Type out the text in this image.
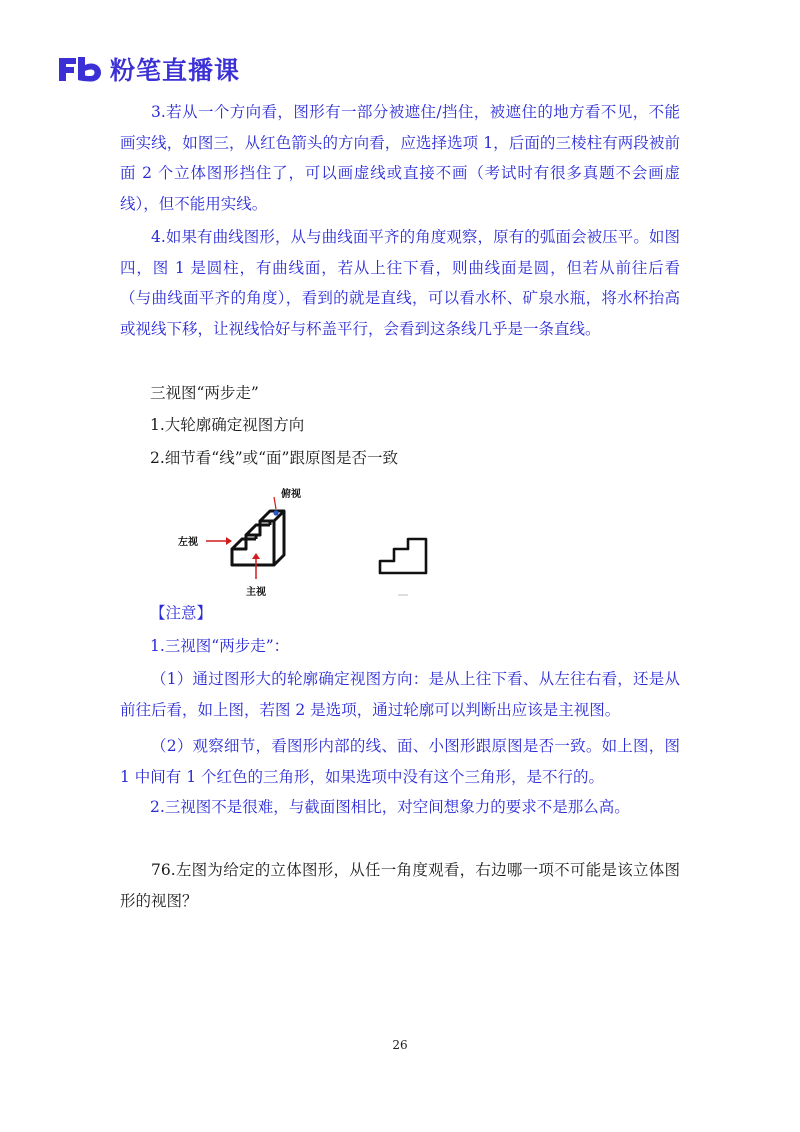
粉笔直播课

3.若从一个方向看，图形有一部分被遮住/挡住，被遮住的地方看不见，不能画实线，如图三，从红色箭头的方向看，应选择选项 1，后面的三棱柱有两段被前面 2 个立体图形挡住了，可以画虚线或直接不画（考试时有很多真题不会画虚线），但不能用实线。

4.如果有曲线图形，从与曲线面平齐的角度观察，原有的弧面会被压平。如图四，图 1 是圆柱，有曲线面，若从上往下看，则曲线面是圆，但若从前往后看（与曲线面平齐的角度），看到的就是直线，可以看水杯、矿泉水瓶，将水杯抬高或视线下移，让视线恰好与杯盖平行，会看到这条线几乎是一条直线。

三视图“两步走”

1.大轮廓确定视图方向

2.细节看“线”或“面”跟原图是否一致

左视
俯视
主视

【注意】

1.三视图“两步走”：

（1）通过图形大的轮廓确定视图方向：是从上往下看、从左往右看，还是从前往后看，如上图，若图 2 是选项，通过轮廓可以判断出应该是主视图。

（2）观察细节，看图形内部的线、面、小图形跟原图是否一致。如上图，图 1 中间有 1 个红色的三角形，如果选项中没有这个三角形，是不行的。

2.三视图不是很难，与截面图相比，对空间想象力的要求不是那么高。

76.左图为给定的立体图形，从任一角度观看，右边哪一项不可能是该立体图形的视图？

26
